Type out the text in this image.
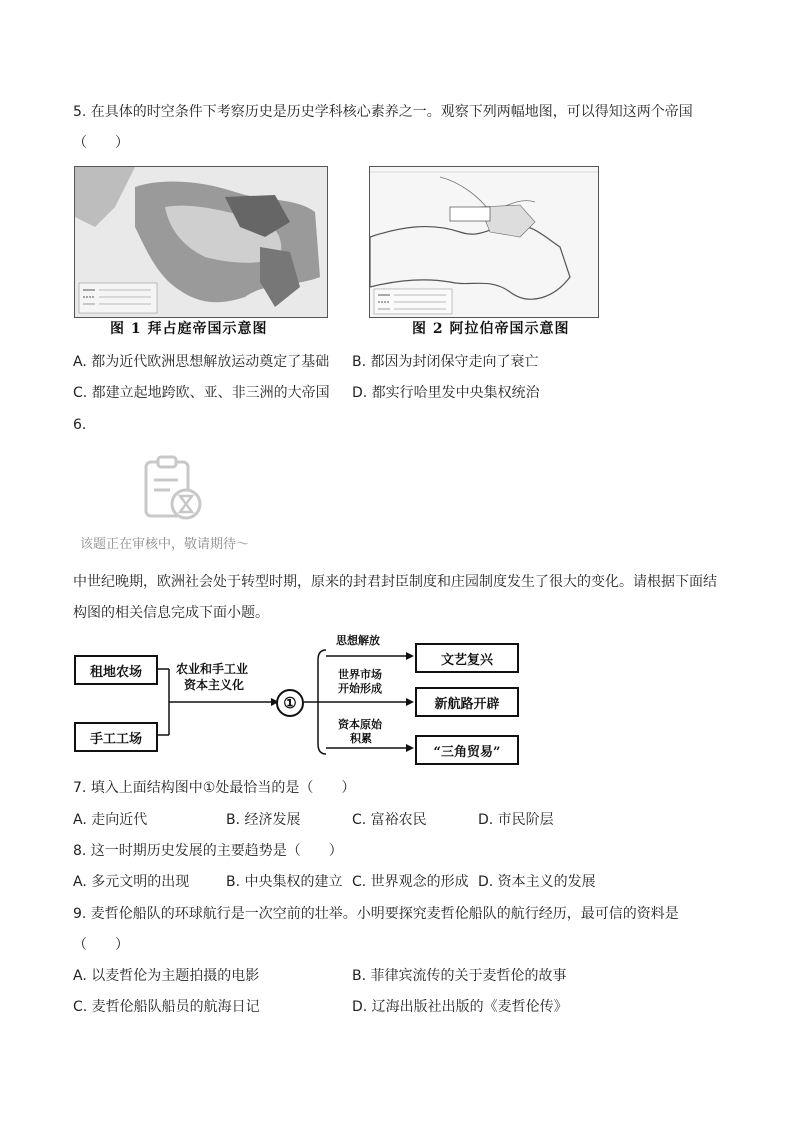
5. 在具体的时空条件下考察历史是历史学科核心素养之一。观察下列两幅地图，可以得知这两个帝国
（　　）
图 1 拜占庭帝国示意图	图 2 阿拉伯帝国示意图
A. 都为近代欧洲思想解放运动奠定了基础 B. 都因为封闭保守走向了衰亡
C. 都建立起地跨欧、亚、非三洲的大帝国 D. 都实行哈里发中央集权统治
6.
该题正在审核中，敬请期待～
中世纪晚期，欧洲社会处于转型时期，原来的封君封臣制度和庄园制度发生了很大的变化。请根据下面结
构图的相关信息完成下面小题。
租地农场
手工工场
农业和手工业
资本主义化
①
思想解放
世界市场
开始形成
资本原始
积累
文艺复兴
新航路开辟
“三角贸易”
7. 填入上面结构图中①处最恰当的是（　　）
A. 走向近代	B. 经济发展	C. 富裕农民	D. 市民阶层
8. 这一时期历史发展的主要趋势是（　　）
A. 多元文明的出现	B. 中央集权的建立 C. 世界观念的形成 D. 资本主义的发展
9. 麦哲伦船队的环球航行是一次空前的壮举。小明要探究麦哲伦船队的航行经历，最可信的资料是
（　　）
A. 以麦哲伦为主题拍摄的电影	B. 菲律宾流传的关于麦哲伦的故事
C. 麦哲伦船队船员的航海日记	D. 辽海出版社出版的《麦哲伦传》
